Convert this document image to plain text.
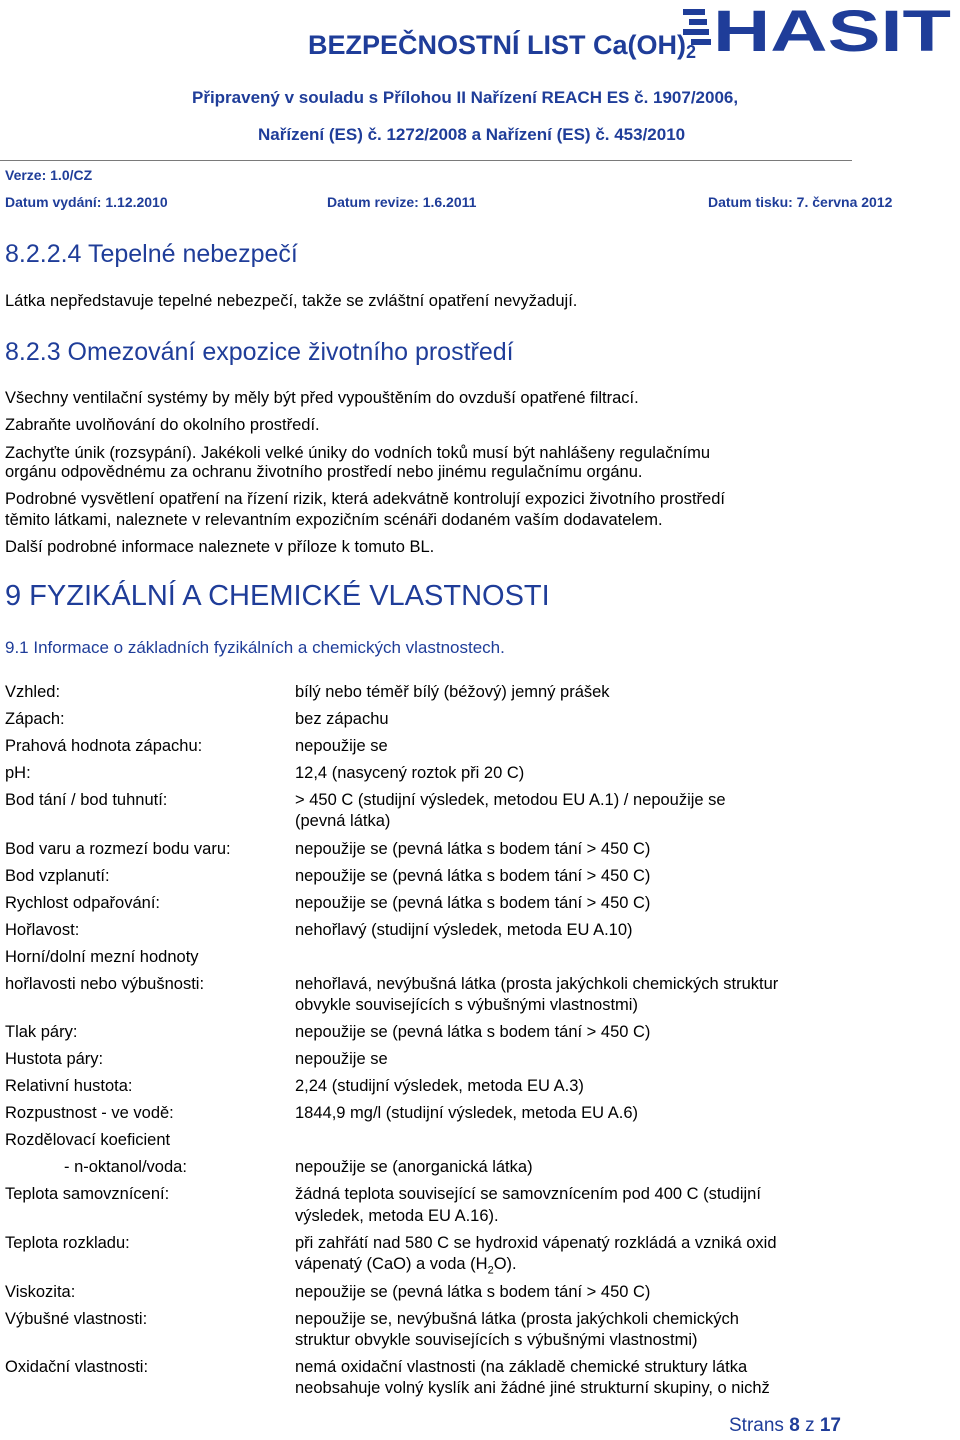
HASIT
BEZPEČNOSTNÍ LIST $Ca(OH)_2$
Připravený v souladu s Přílohou II Nařízení REACH ES č. 1907/2006,
Nařízení (ES) č. 1272/2008 a Nařízení (ES) č. 453/2010
Verze: 1.0/CZ
Datum vydání: 1.12.2010	Datum revize: 1.6.2011	Datum tisku: 7. června 2012
8.2.2.4 Tepelné nebezpečí
Látka nepředstavuje tepelné nebezpečí, takže se zvláštní opatření nevyžadují.
8.2.3 Omezování expozice životního prostředí
Všechny ventilační systémy by měly být před vypouštěním do ovzduší opatřené filtrací.
Zabraňte uvolňování do okolního prostředí.
Zachyťte únik (rozsypání). Jakékoli velké úniky do vodních toků musí být nahlášeny regulačnímu
orgánu odpovědnému za ochranu životního prostředí nebo jinému regulačnímu orgánu.
Podrobné vysvětlení opatření na řízení rizik, která adekvátně kontrolují expozici životního prostředí
těmito látkami, naleznete v relevantním expozičním scénáři dodaném vaším dodavatelem.
Další podrobné informace naleznete v příloze k tomuto BL.
9 FYZIKÁLNÍ A CHEMICKÉ VLASTNOSTI
9.1 Informace o základních fyzikálních a chemických vlastnostech.
Vzhled:	bílý nebo téměř bílý (béžový) jemný prášek
Zápach:	bez zápachu
Prahová hodnota zápachu:	nepoužije se
pH:	12,4 (nasycený roztok při 20 C)
Bod tání / bod tuhnutí:	> 450 C (studijní výsledek, metodou EU A.1) / nepoužije se
(pevná látka)
Bod varu a rozmezí bodu varu:	nepoužije se (pevná látka s bodem tání > 450 C)
Bod vzplanutí:	nepoužije se (pevná látka s bodem tání > 450 C)
Rychlost odpařování:	nepoužije se (pevná látka s bodem tání > 450 C)
Hořlavost:	nehořlavý (studijní výsledek, metoda EU A.10)
Horní/dolní mezní hodnoty
hořlavosti nebo výbušnosti:	nehořlavá, nevýbušná látka (prosta jakýchkoli chemických struktur
obvykle souvisejících s výbušnými vlastnostmi)
Tlak páry:	nepoužije se (pevná látka s bodem tání > 450 C)
Hustota páry:	nepoužije se
Relativní hustota:	2,24 (studijní výsledek, metoda EU A.3)
Rozpustnost - ve vodě:	1844,9 mg/l (studijní výsledek, metoda EU A.6)
Rozdělovací koeficient
- n-oktanol/voda:	nepoužije se (anorganická látka)
Teplota samovznícení:	žádná teplota související se samovznícením pod 400 C (studijní
výsledek, metoda EU A.16).
Teplota rozkladu:	při zahřátí nad 580 C se hydroxid vápenatý rozkládá a vzniká oxid
vápenatý (CaO) a voda $(H_2O)$.
Viskozita:	nepoužije se (pevná látka s bodem tání > 450 C)
Výbušné vlastnosti:	nepoužije se, nevýbušná látka (prosta jakýchkoli chemických
struktur obvykle souvisejících s výbušnými vlastnostmi)
Oxidační vlastnosti:	nemá oxidační vlastnosti (na základě chemické struktury látka
neobsahuje volný kyslík ani žádné jiné strukturní skupiny, o nichž
Strans 8 z 17
